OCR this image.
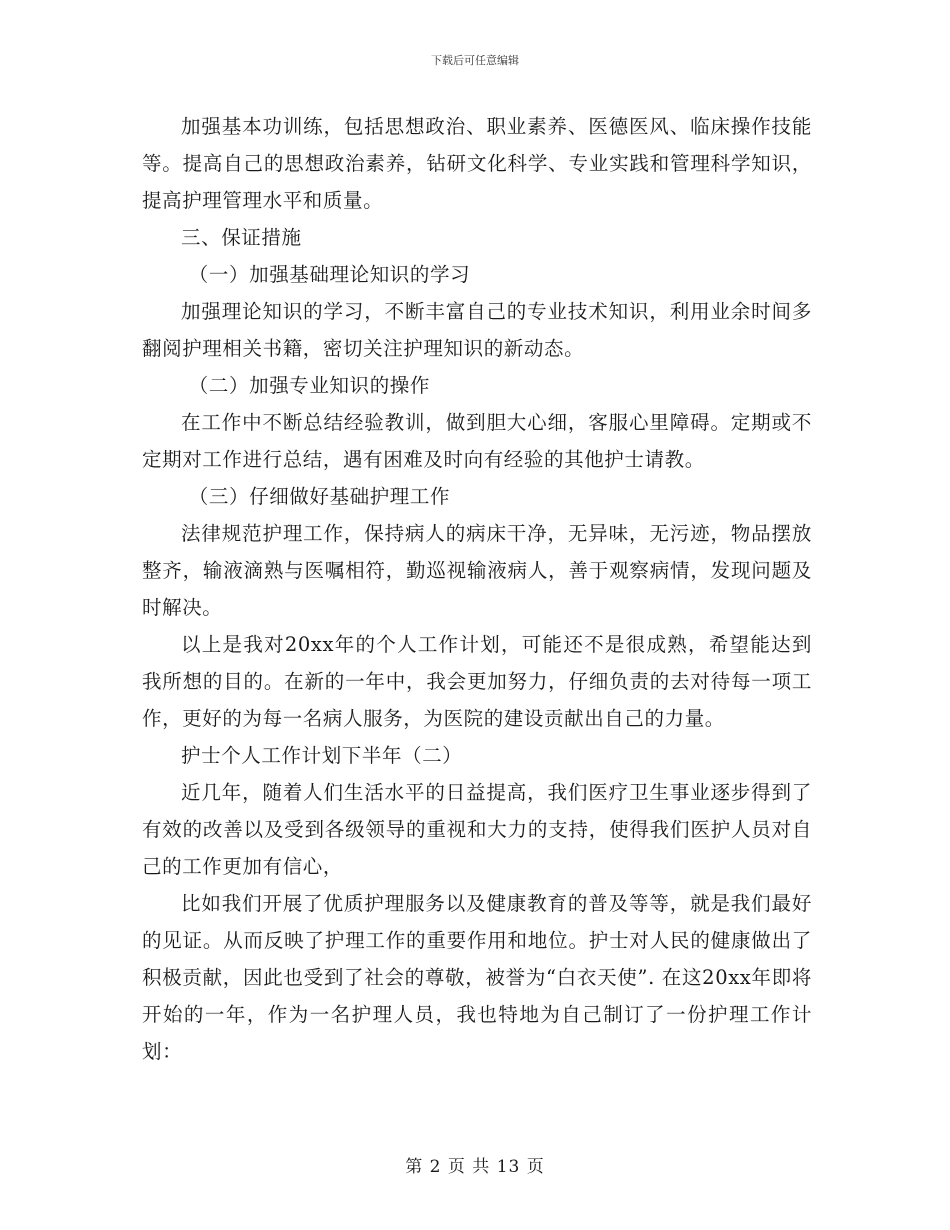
下载后可任意编辑

加强基本功训练，包括思想政治、职业素养、医德医风、临床操作技能等。提高自己的思想政治素养，钻研文化科学、专业实践和管理科学知识，提高护理管理水平和质量。

三、保证措施

（一）加强基础理论知识的学习

加强理论知识的学习，不断丰富自己的专业技术知识，利用业余时间多翻阅护理相关书籍，密切关注护理知识的新动态。

（二）加强专业知识的操作

在工作中不断总结经验教训，做到胆大心细，客服心里障碍。定期或不定期对工作进行总结，遇有困难及时向有经验的其他护士请教。

（三）仔细做好基础护理工作

法律规范护理工作，保持病人的病床干净，无异味，无污迹，物品摆放整齐，输液滴熟与医嘱相符，勤巡视输液病人，善于观察病情，发现问题及时解决。

以上是我对20xx年的个人工作计划，可能还不是很成熟，希望能达到我所想的目的。在新的一年中，我会更加努力，仔细负责的去对待每一项工作，更好的为每一名病人服务，为医院的建设贡献出自己的力量。

护士个人工作计划下半年（二）

近几年，随着人们生活水平的日益提高，我们医疗卫生事业逐步得到了有效的改善以及受到各级领导的重视和大力的支持，使得我们医护人员对自己的工作更加有信心，

比如我们开展了优质护理服务以及健康教育的普及等等，就是我们最好的见证。从而反映了护理工作的重要作用和地位。护士对人民的健康做出了积极贡献，因此也受到了社会的尊敬，被誉为“白衣天使”. 在这20xx年即将开始的一年，作为一名护理人员，我也特地为自己制订了一份护理工作计划：

第 2 页 共 13 页
